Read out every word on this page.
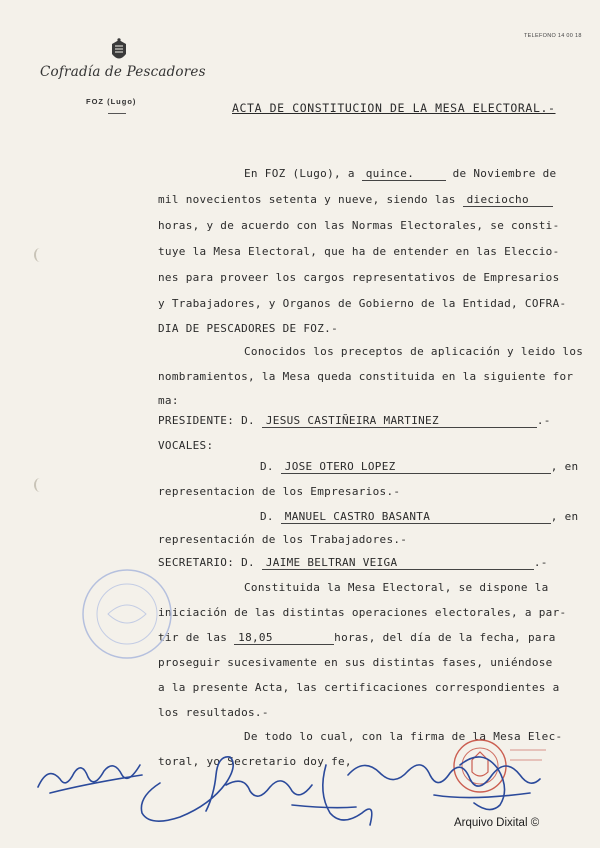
Cofradía de Pescadores
FOZ (Lugo)
TELEFONO 14 00 18
ACTA DE CONSTITUCION DE LA MESA ELECTORAL.-
En FOZ (Lugo), a quince.	de Noviembre de
mil novecientos setenta y nueve, siendo las dieciocho
horas, y de acuerdo con las Normas Electorales, se consti-
tuye la Mesa Electoral, que ha de entender en las Eleccio-
nes para proveer los cargos representativos de Empresarios
y Trabajadores, y Organos de Gobierno de la Entidad, COFRA-
DIA DE PESCADORES DE FOZ.-
Conocidos los preceptos de aplicación y leido los
nombramientos, la Mesa queda constituida en la siguiente for
ma:
PRESIDENTE: D. JESUS CASTIÑEIRA MARTINEZ	.-
VOCALES:
D. JOSE OTERO LOPEZ	, en
representacion de los Empresarios.-
D. MANUEL CASTRO BASANTA	, en
representación de los Trabajadores.-
SECRETARIO: D. JAIME BELTRAN VEIGA	.-
Constituida la Mesa Electoral, se dispone la
iniciación de las distintas operaciones electorales, a par-
tir de las 18,05	horas, del día de la fecha, para
proseguir sucesivamente en sus distintas fases, uniéndose
a la presente Acta, las certificaciones correspondientes a
los resultados.-
De todo lo cual, con la firma de la Mesa Elec-
toral, yo Secretario doy fe,
Arquivo Dixital ©
